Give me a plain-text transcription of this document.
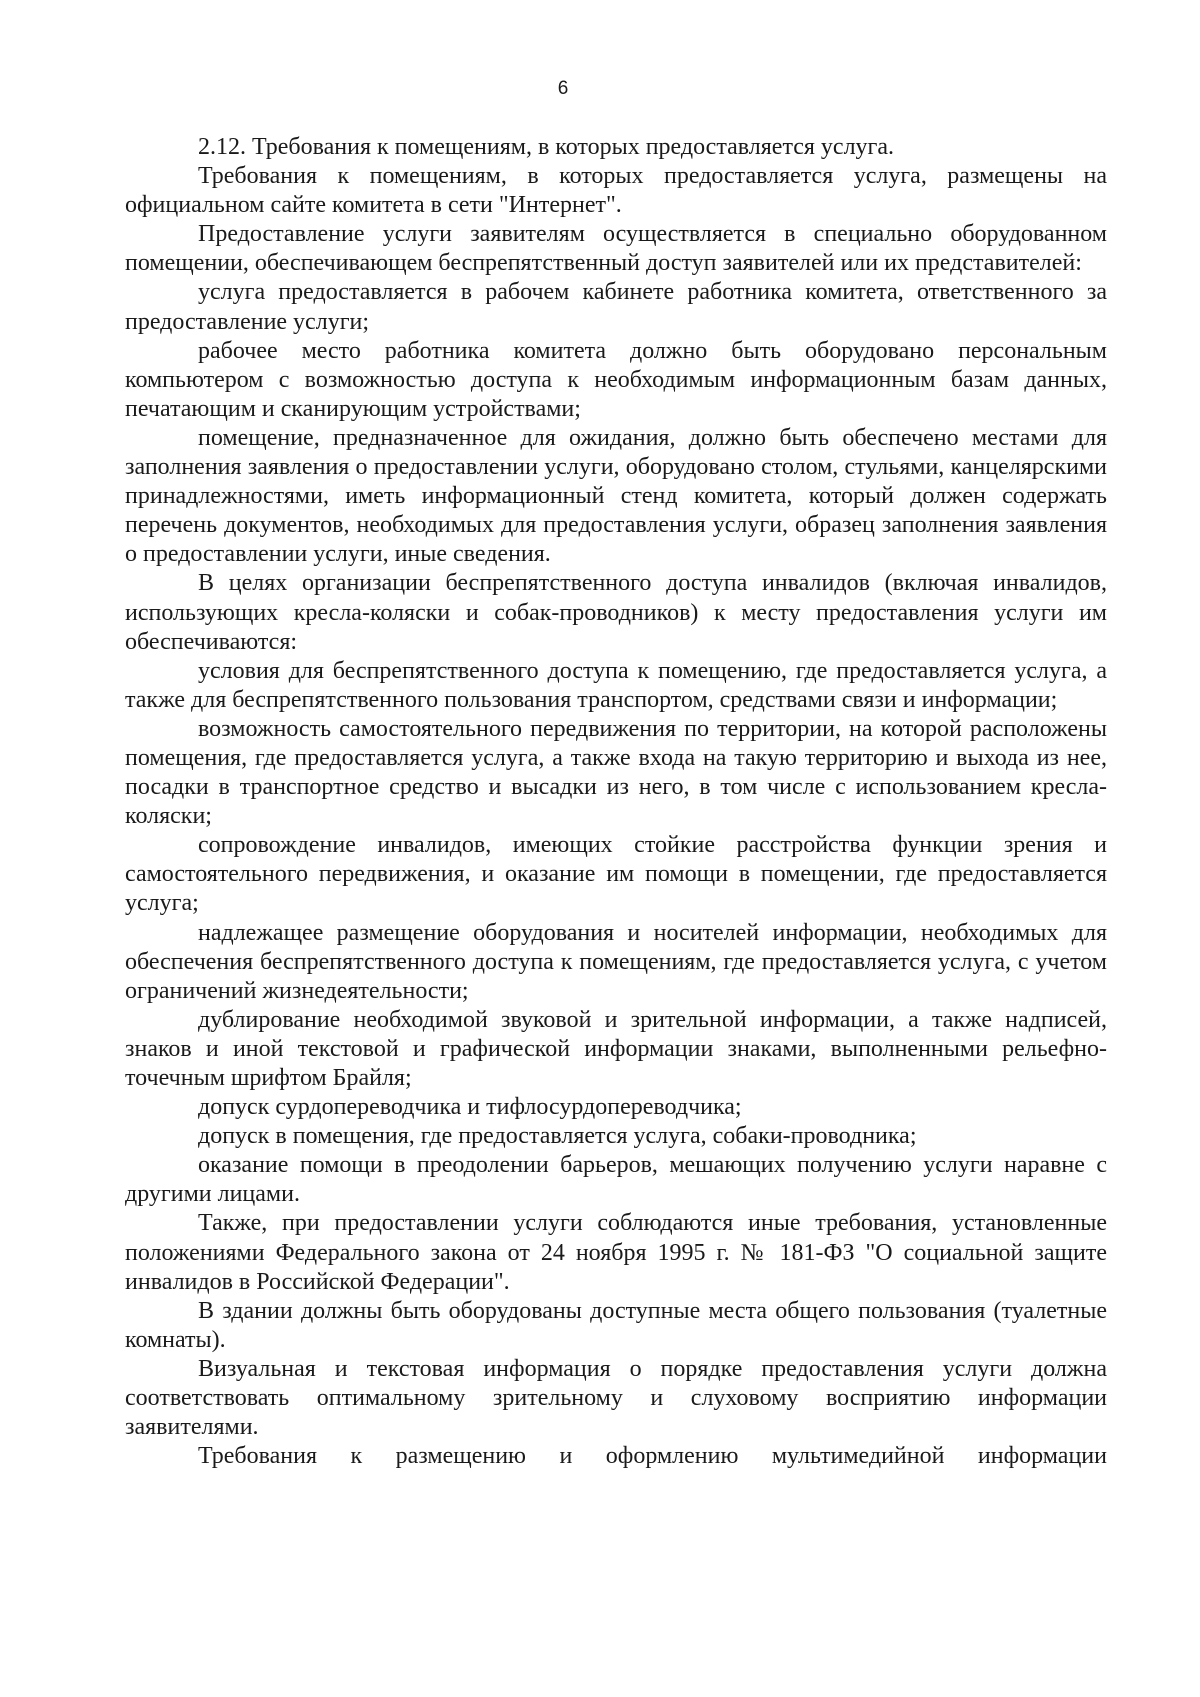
6

2.12. Требования к помещениям, в которых предоставляется услуга.

Требования к помещениям, в которых предоставляется услуга, размещены на официальном сайте комитета в сети "Интернет".

Предоставление услуги заявителям осуществляется в специально оборудованном помещении, обеспечивающем беспрепятственный доступ заявителей или их представителей:

услуга предоставляется в рабочем кабинете работника комитета, ответственного за предоставление услуги;

рабочее место работника комитета должно быть оборудовано персональным компьютером с возможностью доступа к необходимым информационным базам данных, печатающим и сканирующим устройствами;

помещение, предназначенное для ожидания, должно быть обеспечено местами для заполнения заявления о предоставлении услуги, оборудовано столом, стульями, канцелярскими принадлежностями, иметь информационный стенд комитета, который должен содержать перечень документов, необходимых для предоставления услуги, образец заполнения заявления о предоставлении услуги, иные сведения.

В целях организации беспрепятственного доступа инвалидов (включая инвалидов, использующих кресла-коляски и собак-проводников) к месту предоставления услуги им обеспечиваются:

условия для беспрепятственного доступа к помещению, где предоставляется услуга, а также для беспрепятственного пользования транспортом, средствами связи и информации;

возможность самостоятельного передвижения по территории, на которой расположены помещения, где предоставляется услуга, а также входа на такую территорию и выхода из нее, посадки в транспортное средство и высадки из него, в том числе с использованием кресла-коляски;

сопровождение инвалидов, имеющих стойкие расстройства функции зрения и самостоятельного передвижения, и оказание им помощи в помещении, где предоставляется услуга;

надлежащее размещение оборудования и носителей информации, необходимых для обеспечения беспрепятственного доступа к помещениям, где предоставляется услуга, с учетом ограничений жизнедеятельности;

дублирование необходимой звуковой и зрительной информации, а также надписей, знаков и иной текстовой и графической информации знаками, выполненными рельефно-точечным шрифтом Брайля;

допуск сурдопереводчика и тифлосурдопереводчика;

допуск в помещения, где предоставляется услуга, собаки-проводника;

оказание помощи в преодолении барьеров, мешающих получению услуги наравне с другими лицами.

Также, при предоставлении услуги соблюдаются иные требования, установленные положениями Федерального закона от 24 ноября 1995 г. № 181-ФЗ "О социальной защите инвалидов в Российской Федерации".

В здании должны быть оборудованы доступные места общего пользования (туалетные комнаты).

Визуальная и текстовая информация о порядке предоставления услуги должна соответствовать оптимальному зрительному и слуховому восприятию информации заявителями.

Требования к размещению и оформлению мультимедийной информации
